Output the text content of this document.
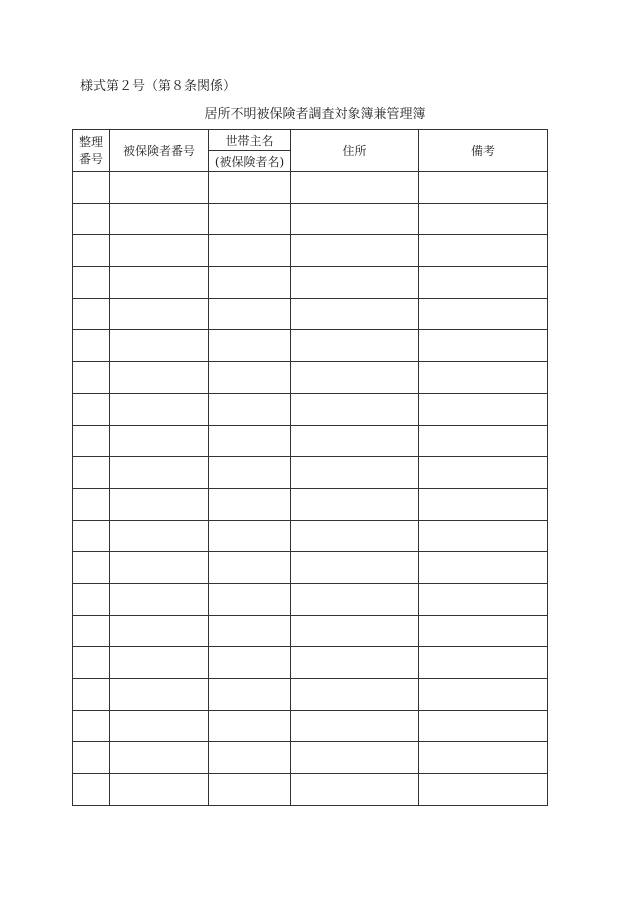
様式第２号（第８条関係）
居所不明被保険者調査対象簿兼管理簿
整理
番号	被保険者番号	世帯主名	住所	備考
		(被保険者名)		
